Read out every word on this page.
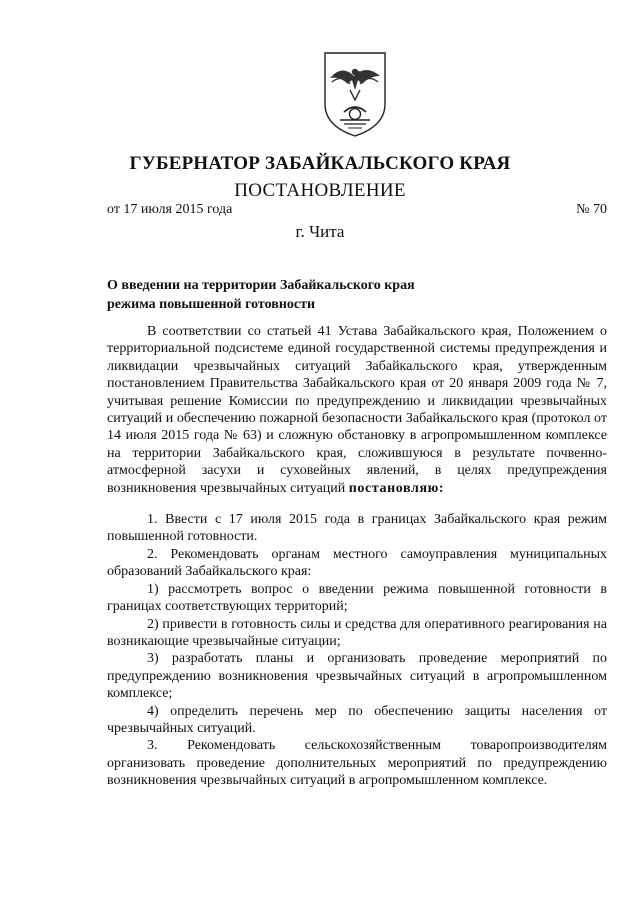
ГУБЕРНАТОР ЗАБАЙКАЛЬСКОГО КРАЯ
ПОСТАНОВЛЕНИЕ
от 17 июля 2015 года	№ 70
г. Чита
О введении на территории Забайкальского края
режима повышенной готовности

В соответствии со статьей 41 Устава Забайкальского края, Положением о территориальной подсистеме единой государственной системы предупреждения и ликвидации чрезвычайных ситуаций Забайкальского края, утвержденным постановлением Правительства Забайкальского края от 20 января 2009 года № 7, учитывая решение Комиссии по предупреждению и ликвидации чрезвычайных ситуаций и обеспечению пожарной безопасности Забайкальского края (протокол от 14 июля 2015 года № 63) и сложную обстановку в агропромышленном комплексе на территории Забайкальского края, сложившуюся в результате почвенно-атмосферной засухи и суховейных явлений, в целях предупреждения возникновения чрезвычайных ситуаций постановляю:

1. Ввести с 17 июля 2015 года в границах Забайкальского края режим повышенной готовности.

2. Рекомендовать органам местного самоуправления муниципальных образований Забайкальского края:

1) рассмотреть вопрос о введении режима повышенной готовности в границах соответствующих территорий;

2) привести в готовность силы и средства для оперативного реагирования на возникающие чрезвычайные ситуации;

3) разработать планы и организовать проведение мероприятий по предупреждению возникновения чрезвычайных ситуаций в агропромышленном комплексе;

4) определить перечень мер по обеспечению защиты населения от чрезвычайных ситуаций.

3. Рекомендовать сельскохозяйственным товаропроизводителям организовать проведение дополнительных мероприятий по предупреждению возникновения чрезвычайных ситуаций в агропромышленном комплексе.
